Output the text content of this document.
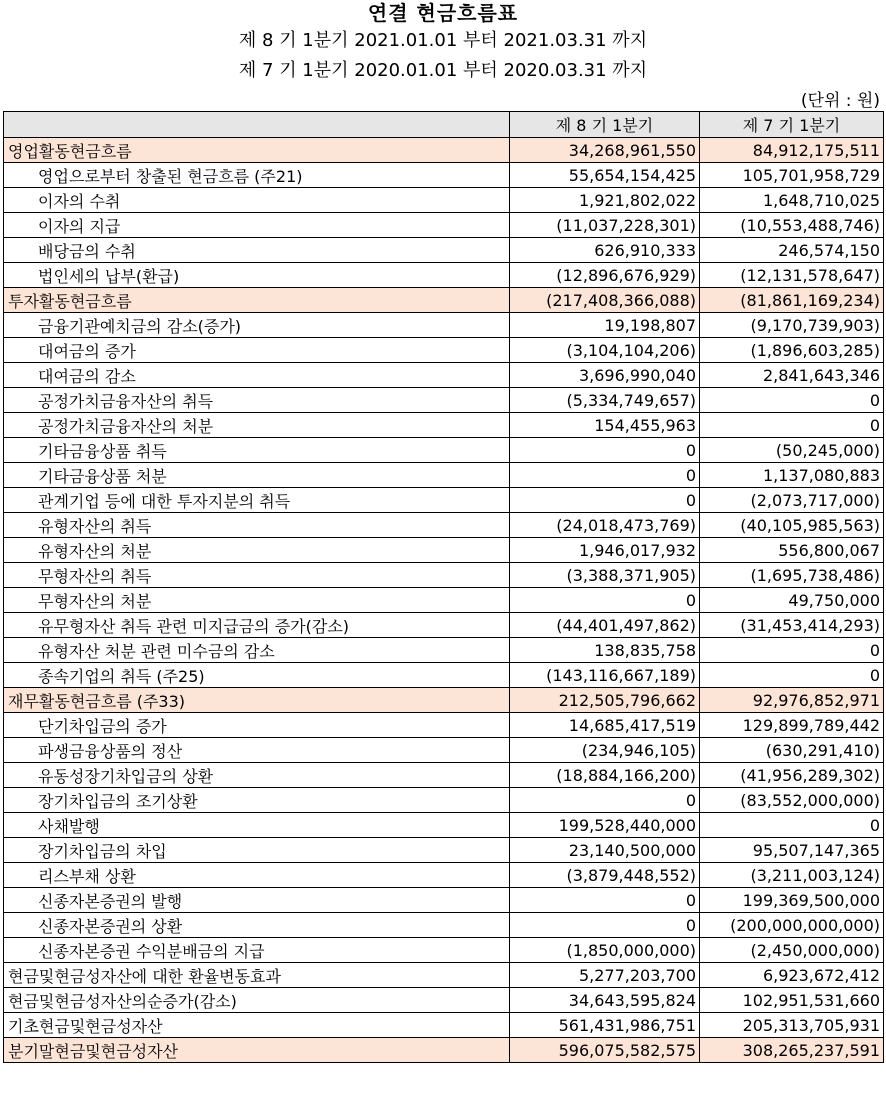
연결 현금흐름표
제 8 기 1분기 2021.01.01 부터 2021.03.31 까지
제 7 기 1분기 2020.01.01 부터 2020.03.31 까지
(단위 : 원)
	제 8 기 1분기	제 7 기 1분기
영업활동현금흐름	34,268,961,550	84,912,175,511
영업으로부터 창출된 현금흐름 (주21)	55,654,154,425	105,701,958,729
이자의 수취	1,921,802,022	1,648,710,025
이자의 지급	(11,037,228,301)	(10,553,488,746)
배당금의 수취	626,910,333	246,574,150
법인세의 납부(환급)	(12,896,676,929)	(12,131,578,647)
투자활동현금흐름	(217,408,366,088)	(81,861,169,234)
금융기관예치금의 감소(증가)	19,198,807	(9,170,739,903)
대여금의 증가	(3,104,104,206)	(1,896,603,285)
대여금의 감소	3,696,990,040	2,841,643,346
공정가치금융자산의 취득	(5,334,749,657)	0
공정가치금융자산의 처분	154,455,963	0
기타금융상품 취득	0	(50,245,000)
기타금융상품 처분	0	1,137,080,883
관계기업 등에 대한 투자지분의 취득	0	(2,073,717,000)
유형자산의 취득	(24,018,473,769)	(40,105,985,563)
유형자산의 처분	1,946,017,932	556,800,067
무형자산의 취득	(3,388,371,905)	(1,695,738,486)
무형자산의 처분	0	49,750,000
유무형자산 취득 관련 미지급금의 증가(감소)	(44,401,497,862)	(31,453,414,293)
유형자산 처분 관련 미수금의 감소	138,835,758	0
종속기업의 취득 (주25)	(143,116,667,189)	0
재무활동현금흐름 (주33)	212,505,796,662	92,976,852,971
단기차입금의 증가	14,685,417,519	129,899,789,442
파생금융상품의 정산	(234,946,105)	(630,291,410)
유동성장기차입금의 상환	(18,884,166,200)	(41,956,289,302)
장기차입금의 조기상환	0	(83,552,000,000)
사채발행	199,528,440,000	0
장기차입금의 차입	23,140,500,000	95,507,147,365
리스부채 상환	(3,879,448,552)	(3,211,003,124)
신종자본증권의 발행	0	199,369,500,000
신종자본증권의 상환	0	(200,000,000,000)
신종자본증권 수익분배금의 지급	(1,850,000,000)	(2,450,000,000)
현금및현금성자산에 대한 환율변동효과	5,277,203,700	6,923,672,412
현금및현금성자산의순증가(감소)	34,643,595,824	102,951,531,660
기초현금및현금성자산	561,431,986,751	205,313,705,931
분기말현금및현금성자산	596,075,582,575	308,265,237,591
